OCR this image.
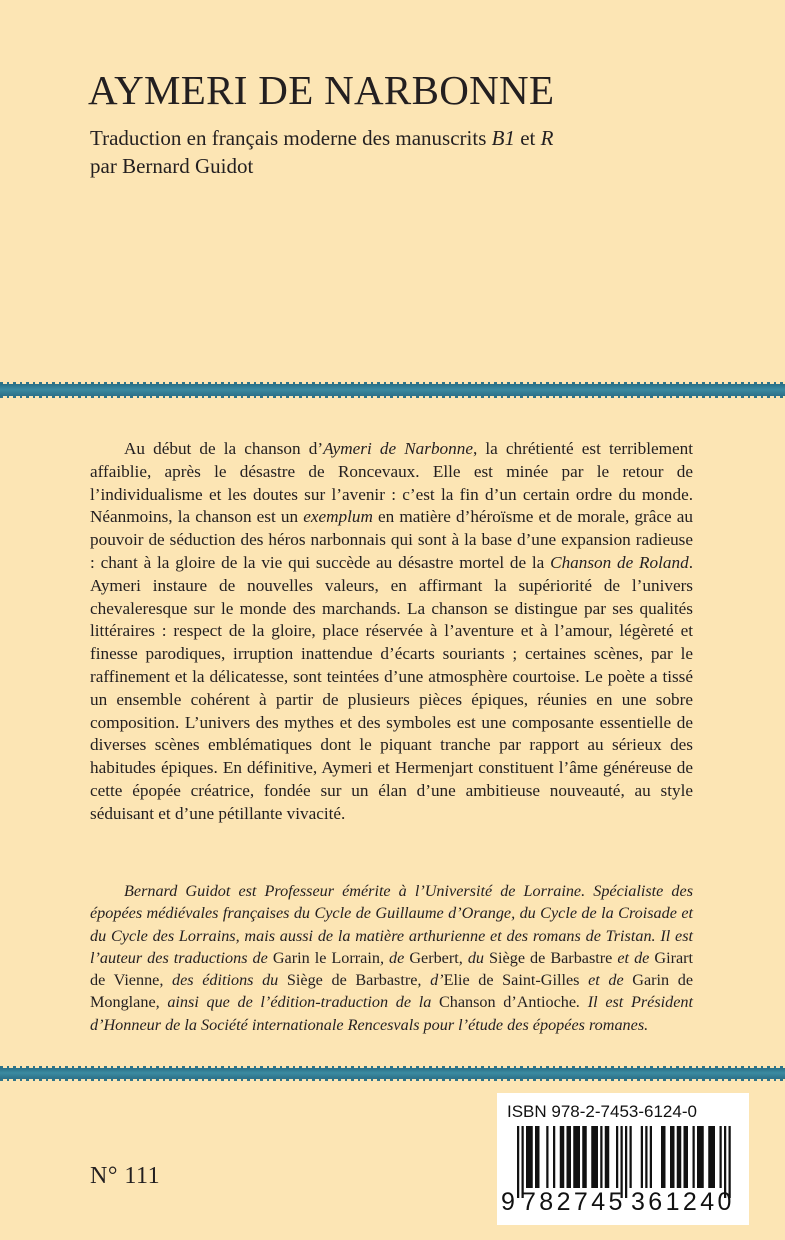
AYMERI DE NARBONNE
Traduction en français moderne des manuscrits B1 et R
par Bernard Guidot

Au début de la chanson d’Aymeri de Narbonne, la chrétienté est terriblement affaiblie, après le désastre de Roncevaux. Elle est minée par le retour de l’individualisme et les doutes sur l’avenir : c’est la fin d’un certain ordre du monde. Néanmoins, la chanson est un exemplum en matière d’héroïsme et de morale, grâce au pouvoir de séduction des héros narbonnais qui sont à la base d’une expansion radieuse : chant à la gloire de la vie qui succède au désastre mortel de la Chanson de Roland. Aymeri instaure de nouvelles valeurs, en affirmant la supériorité de l’univers chevaleresque sur le monde des marchands. La chanson se distingue par ses qualités littéraires : respect de la gloire, place réservée à l’aventure et à l’amour, légèreté et finesse parodiques, irruption inattendue d’écarts souriants ; certaines scènes, par le raffinement et la délicatesse, sont teintées d’une atmosphère courtoise. Le poète a tissé un ensemble cohérent à partir de plusieurs pièces épiques, réunies en une sobre composition. L’univers des mythes et des symboles est une composante essentielle de diverses scènes emblématiques dont le piquant tranche par rapport au sérieux des habitudes épiques. En définitive, Aymeri et Hermenjart constituent l’âme généreuse de cette épopée créatrice, fondée sur un élan d’une ambitieuse nouveauté, au style séduisant et d’une pétillante vivacité.

Bernard Guidot est Professeur émérite à l’Université de Lorraine. Spécialiste des épopées médiévales françaises du Cycle de Guillaume d’Orange, du Cycle de la Croisade et du Cycle des Lorrains, mais aussi de la matière arthurienne et des romans de Tristan. Il est l’auteur des traductions de Garin le Lorrain, de Gerbert, du Siège de Barbastre et de Girart de Vienne, des éditions du Siège de Barbastre, d’Elie de Saint-Gilles et de Garin de Monglane, ainsi que de l’édition-traduction de la Chanson d’Antioche. Il est Président d’Honneur de la Société internationale Rencesvals pour l’étude des épopées romanes.

ISBN 978-2-7453-6124-0
9 782745 361240
N° 111
